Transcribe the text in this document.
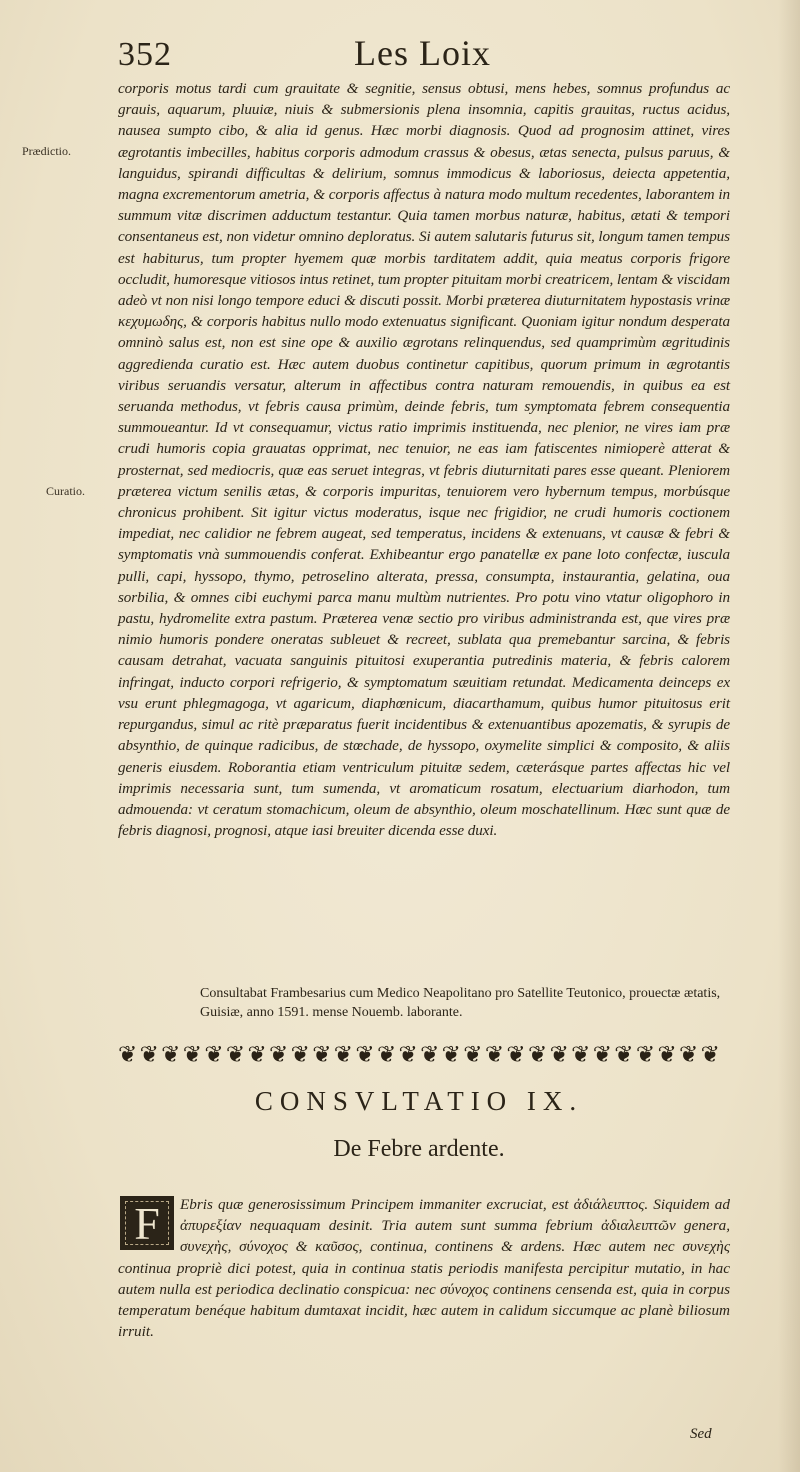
352	Les Loix
Prædictio.
Curatio.

corporis motus tardi cum grauitate & segnitie, sensus obtusi, mens hebes, somnus profundus ac grauis, aquarum, pluuiæ, niuis & submersionis plena insomnia, capitis grauitas, ructus acidus, nausea sumpto cibo, & alia id genus. Hæc morbi diagnosis. Quod ad prognosim attinet, vires ægrotantis imbecilles, habitus corporis admodum crassus & obesus, ætas senecta, pulsus paruus, & languidus, spirandi difficultas & delirium, somnus immodicus & laboriosus, deiecta appetentia, magna excrementorum ametria, & corporis affectus à natura modo multum recedentes, laborantem in summum vitæ discrimen adductum testantur. Quia tamen morbus naturæ, habitus, ætati & tempori consentaneus est, non videtur omnino deploratus. Si autem salutaris futurus sit, longum tamen tempus est habiturus, tum propter hyemem quæ morbis tarditatem addit, quia meatus corporis frigore occludit, humoresque vitiosos intus retinet, tum propter pituitam morbi creatricem, lentam & viscidam adeò vt non nisi longo tempore educi & discuti possit. Morbi præterea diuturnitatem hypostasis vrinæ κεχυμωδης, & corporis habitus nullo modo extenuatus significant. Quoniam igitur nondum desperata omninò salus est, non est sine ope & auxilio ægrotans relinquendus, sed quamprimùm ægritudinis aggredienda curatio est. Hæc autem duobus continetur capitibus, quorum primum in ægrotantis viribus seruandis versatur, alterum in affectibus contra naturam remouendis, in quibus ea est seruanda methodus, vt febris causa primùm, deinde febris, tum symptomata febrem consequentia summoueantur. Id vt consequamur, victus ratio imprimis instituenda, nec plenior, ne vires iam præ crudi humoris copia grauatas opprimat, nec tenuior, ne eas iam fatiscentes nimioperè atterat & prosternat, sed mediocris, quæ eas seruet integras, vt febris diuturnitati pares esse queant. Pleniorem præterea victum senilis ætas, & corporis impuritas, tenuiorem vero hybernum tempus, morbúsque chronicus prohibent. Sit igitur victus moderatus, isque nec frigidior, ne crudi humoris coctionem impediat, nec calidior ne febrem augeat, sed temperatus, incidens & extenuans, vt causæ & febri & symptomatis vnà summouendis conferat. Exhibeantur ergo panatellæ ex pane loto confectæ, iuscula pulli, capi, hyssopo, thymo, petroselino alterata, pressa, consumpta, instaurantia, gelatina, oua sorbilia, & omnes cibi euchymi parca manu multùm nutrientes. Pro potu vino vtatur oligophoro in pastu, hydromelite extra pastum. Præterea venæ sectio pro viribus administranda est, que vires præ nimio humoris pondere oneratas subleuet & recreet, sublata qua premebantur sarcina, & febris causam detrahat, vacuata sanguinis pituitosi exuperantia putredinis materia, & febris calorem infringat, inducto corpori refrigerio, & symptomatum sæuitiam retundat. Medicamenta deinceps ex vsu erunt phlegmagoga, vt agaricum, diaphœnicum, diacarthamum, quibus humor pituitosus erit repurgandus, simul ac ritè præparatus fuerit incidentibus & extenuantibus apozematis, & syrupis de absynthio, de quinque radicibus, de stœchade, de hyssopo, oxymelite simplici & composito, & aliis generis eiusdem. Roborantia etiam ventriculum pituitæ sedem, cæterásque partes affectas hic vel imprimis necessaria sunt, tum sumenda, vt aromaticum rosatum, electuarium diarhodon, tum admouenda: vt ceratum stomachicum, oleum de absynthio, oleum moschatellinum. Hæc sunt quæ de febris diagnosi, prognosi, atque iasi breuiter dicenda esse duxi.

Consultabat Frambesarius cum Medico Neapolitano pro Satellite Teutonico, prouectæ ætatis, Guisiæ, anno 1591. mense Nouemb. laborante.
❦ ❦ ❦ ❦ ❦ ❦ ❦ ❦ ❦ ❦ ❦ ❦ ❦ ❦ ❦ ❦ ❦ ❦ ❦ ❦ ❦ ❦ ❦ ❦ ❦ ❦ ❦ ❦
CONSVLTATIO IX.
De Febre ardente.
Ebris quæ generosissimum Principem immaniter excruciat, est ἀδιάλειπτος. Siquidem ad ἀπυρεξίαν nequaquam desinit. Tria autem sunt summa febrium ἀδιαλειπτῶν genera, συνεχὴς, σύνοχος & καῦσος, continua, continens & ardens. Hæc autem nec συνεχὴς continua propriè dici potest, quia in continua statis periodis manifesta percipitur mutatio, in hac autem nulla est periodica declinatio conspicua: nec σύνοχος continens censenda est, quia in corpus temperatum benéque habitum dumtaxat incidit, hæc autem in calidum siccumque ac planè biliosum irruit.
F
Sed
